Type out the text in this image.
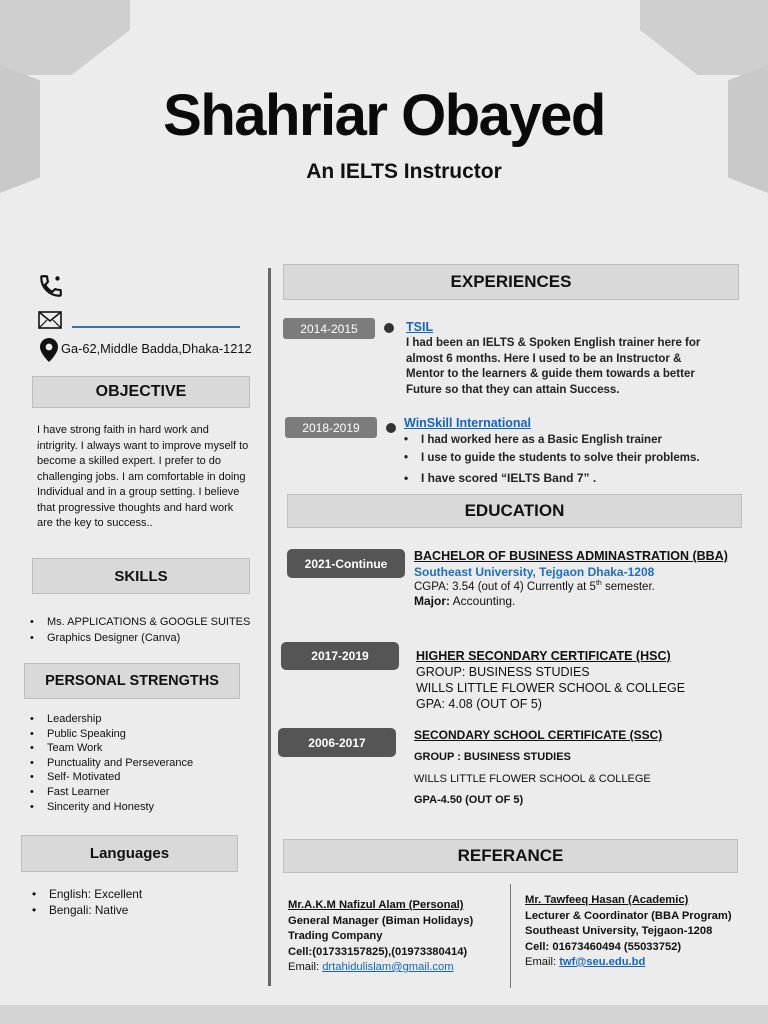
Shahriar Obayed
An IELTS Instructor
Ga-62,Middle Badda,Dhaka-1212
OBJECTIVE
I have strong faith in hard work and intrigrity. I always want to improve myself to become a skilled expert. I prefer to do challenging jobs. I am comfortable in doing Individual and in a group setting. I believe that progressive thoughts and hard work are the key to success..
SKILLS
• Ms. APPLICATIONS & GOOGLE SUITES
• Graphics Designer (Canva)
PERSONAL STRENGTHS
• Leadership
• Public Speaking
• Team Work
• Punctuality and Perseverance
• Self- Motivated
• Fast Learner
• Sincerity and Honesty
Languages
• English: Excellent
• Bengali: Native
EXPERIENCES
2014-2015	TSIL
I had been an IELTS & Spoken English trainer here for almost 6 months. Here I used to be an Instructor & Mentor to the learners & guide them towards a better Future so that they can attain Success.
2018-2019	WinSkill International
• I had worked here as a Basic English trainer
• I use to guide the students to solve their problems.
• I have scored “IELTS Band 7” .
EDUCATION
2021-Continue
BACHELOR OF BUSINESS ADMINASTRATION (BBA)
Southeast University, Tejgaon Dhaka-1208
CGPA: 3.54 (out of 4) Currently at 5th semester.
Major: Accounting.
2017-2019	HIGHER SECONDARY CERTIFICATE (HSC)
GROUP: BUSINESS STUDIES
WILLS LITTLE FLOWER SCHOOL & COLLEGE
GPA: 4.08 (OUT OF 5)
2006-2017
SECONDARY SCHOOL CERTIFICATE (SSC)
GROUP : BUSINESS STUDIES
WILLS LITTLE FLOWER SCHOOL & COLLEGE
GPA-4.50 (OUT OF 5)
REFERANCE
Mr.A.K.M Nafizul Alam (Personal)
General Manager (Biman Holidays)
Trading Company
Cell:(01733157825),(01973380414)
Email: drtahidulislam@gmail.com
Mr. Tawfeeq Hasan (Academic)
Lecturer & Coordinator (BBA Program)
Southeast University, Tejgaon-1208
Cell: 01673460494 (55033752)
Email: twf@seu.edu.bd
